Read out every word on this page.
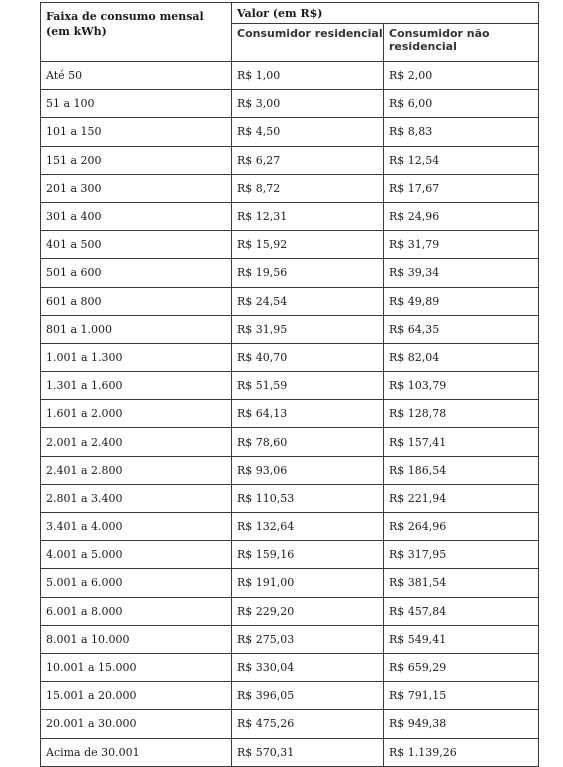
Faixa de consumo mensal (em kWh)	Valor (em R$)	
	Consumidor residencial	Consumidor não residencial
Até 50	R$ 1,00	R$ 2,00
51 a 100	R$ 3,00	R$ 6,00
101 a 150	R$ 4,50	R$ 8,83
151 a 200	R$ 6,27	R$ 12,54
201 a 300	R$ 8,72	R$ 17,67
301 a 400	R$ 12,31	R$ 24,96
401 a 500	R$ 15,92	R$ 31,79
501 a 600	R$ 19,56	R$ 39,34
601 a 800	R$ 24,54	R$ 49,89
801 a 1.000	R$ 31,95	R$ 64,35
1.001 a 1.300	R$ 40,70	R$ 82,04
1.301 a 1.600	R$ 51,59	R$ 103,79
1.601 a 2.000	R$ 64,13	R$ 128,78
2.001 a 2.400	R$ 78,60	R$ 157,41
2.401 a 2.800	R$ 93,06	R$ 186,54
2.801 a 3.400	R$ 110,53	R$ 221,94
3.401 a 4.000	R$ 132,64	R$ 264,96
4.001 a 5.000	R$ 159,16	R$ 317,95
5.001 a 6.000	R$ 191,00	R$ 381,54
6.001 a 8.000	R$ 229,20	R$ 457,84
8.001 a 10.000	R$ 275,03	R$ 549,41
10.001 a 15.000	R$ 330,04	R$ 659,29
15.001 a 20.000	R$ 396,05	R$ 791,15
20.001 a 30.000	R$ 475,26	R$ 949,38
Acima de 30.001	R$ 570,31	R$ 1.139,26
